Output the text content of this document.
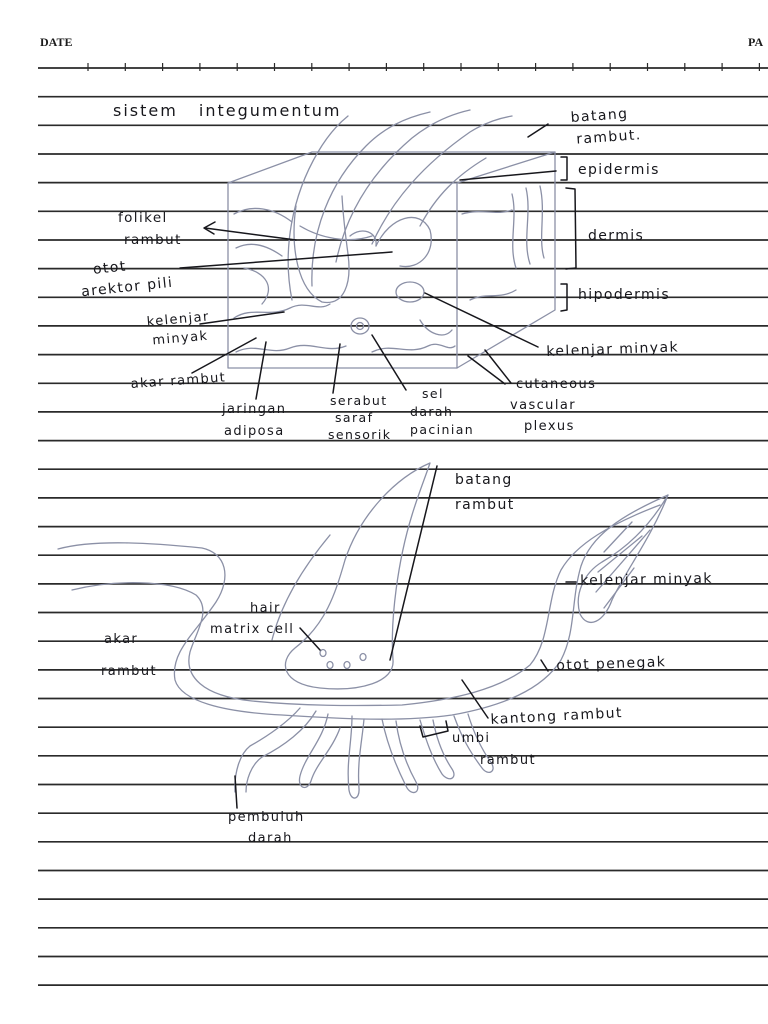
DATE	PA
sistem integumentum	batang
rambut.
epidermis
dermis
hipodermis
kelenjar minyak
cutaneous
vascular
plexus
folikel
rambut
otot
arektor pili
kelenjar
minyak
akar rambut
jaringan
adiposa
serabut
saraf
sensorik
sel
darah
pacinian
batang
rambut
kelenjar minyak
hair
matrix cell
akar
rambut	otot penegak
kantong rambut
umbi
rambut
pembuluh
darah
